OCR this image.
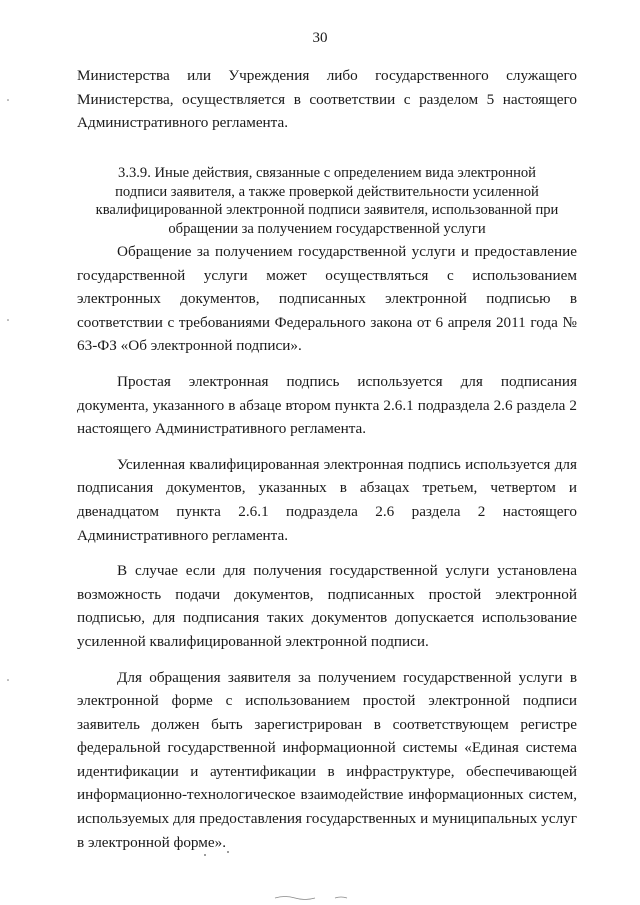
30

Министерства или Учреждения либо государственного служащего Министерства, осуществляется в соответствии с разделом 5 настоящего Административного регламента.

3.3.9. Иные действия, связанные с определением вида электронной
подписи заявителя, а также проверкой действительности усиленной
квалифицированной электронной подписи заявителя, использованной при
обращении за получением государственной услуги

Обращение за получением государственной услуги и предоставление государственной услуги может осуществляться с использованием электронных документов, подписанных электронной подписью в соответствии с требованиями Федерального закона от 6 апреля 2011 года № 63-ФЗ «Об электронной подписи».

Простая электронная подпись используется для подписания документа, указанного в абзаце втором пункта 2.6.1 подраздела 2.6 раздела 2 настоящего Административного регламента.

Усиленная квалифицированная электронная подпись используется для подписания документов, указанных в абзацах третьем, четвертом и двенадцатом пункта 2.6.1 подраздела 2.6 раздела 2 настоящего Административного регламента.

В случае если для получения государственной услуги установлена возможность подачи документов, подписанных простой электронной подписью, для подписания таких документов допускается использование усиленной квалифицированной электронной подписи.

Для обращения заявителя за получением государственной услуги в электронной форме с использованием простой электронной подписи заявитель должен быть зарегистрирован в соответствующем регистре федеральной государственной информационной системы «Единая система идентификации и аутентификации в инфраструктуре, обеспечивающей информационно-технологическое взаимодействие информационных систем, используемых для предоставления государственных и муниципальных услуг в электронной форме».
